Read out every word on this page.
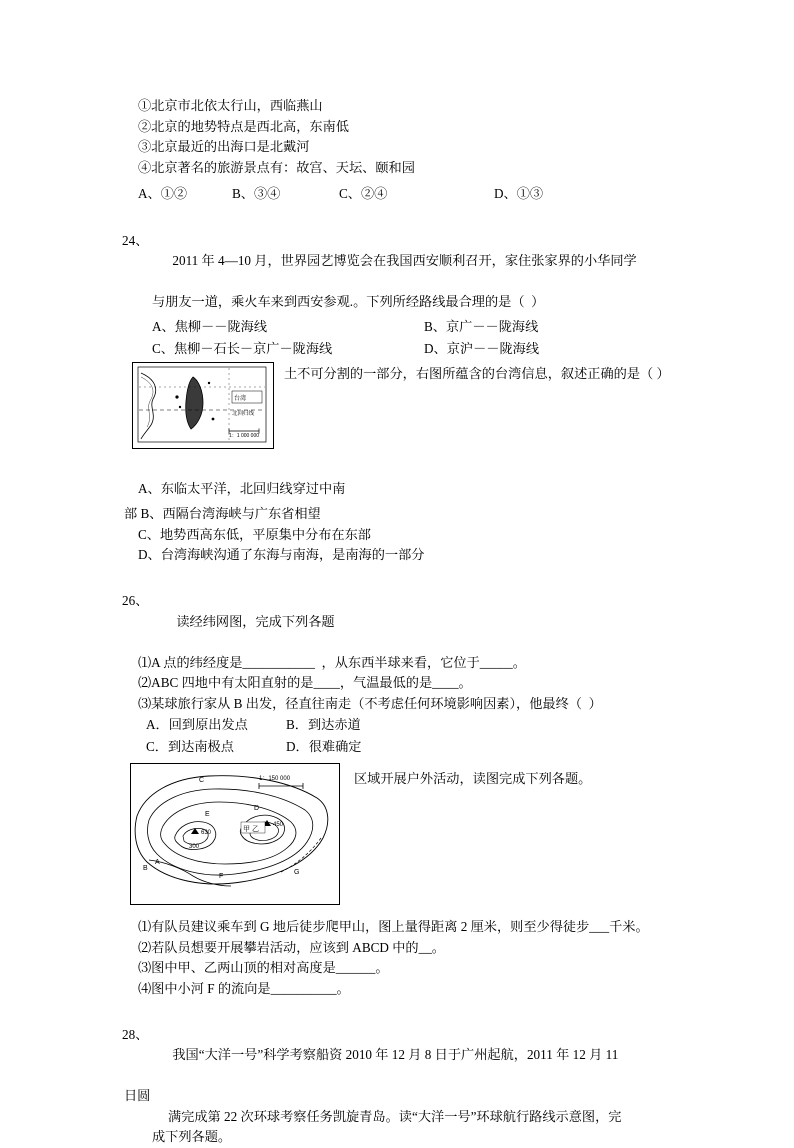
①北京市北依太行山，西临燕山
②北京的地势特点是西北高，东南低
③北京最近的出海口是北戴河
④北京著名的旅游景点有：故宫、天坛、颐和园
A、①②	B、③④	C、②④	D、①③

24、

2011 年 4—10 月，世界园艺博览会在我国西安顺利召开，家住张家界的小华同学

与朋友一道，乘火车来到西安参观.。下列所经路线最合理的是（  ）
A、焦柳－－陇海线	B、京广－－陇海线
C、焦柳－石长－京广－陇海线	D、京沪－－陇海线
台湾
北回归线
1：1 000 000
土不可分割的一部分，右图所蕴含的台湾信息，叙述正确的是（ ）
A、东临太平洋，北回归线穿过中南
部 B、西隔台湾海峡与广东省相望
C、地势西高东低，平原集中分布在东部
D、台湾海峡沟通了东海与南海，是南海的一部分

26、

读经纬网图，完成下列各题

⑴A 点的纬经度是___________  ，从东西半球来看，它位于_____。
⑵ABC 四地中有太阳直射的是____，气温最低的是____。
⑶某球旅行家从 B 出发，径直往南走（不考虑任何环境影响因素），他最终（  ）
A．回到原出发点	B．到达赤道
C．到达南极点	D．很难确定
C
D
E
F
G
B
A
630
450
300
甲 乙
1：150 000	区域开展户外活动，读图完成下列各题。
⑴有队员建议乘车到 G 地后徒步爬甲山，图上量得距离 2 厘米，则至少得徒步___千米。
⑵若队员想要开展攀岩活动，应该到 ABCD 中的__。
⑶图中甲、乙两山顶的相对高度是______。
⑷图中小河 F 的流向是__________。

28、

我国“大洋一号”科学考察船资 2010 年 12 月 8 日于广州起航，2011 年 12 月 11

日圆
满完成第 22 次环球考察任务凯旋青岛。读“大洋一号”环球航行路线示意图，完
成下列各题。
